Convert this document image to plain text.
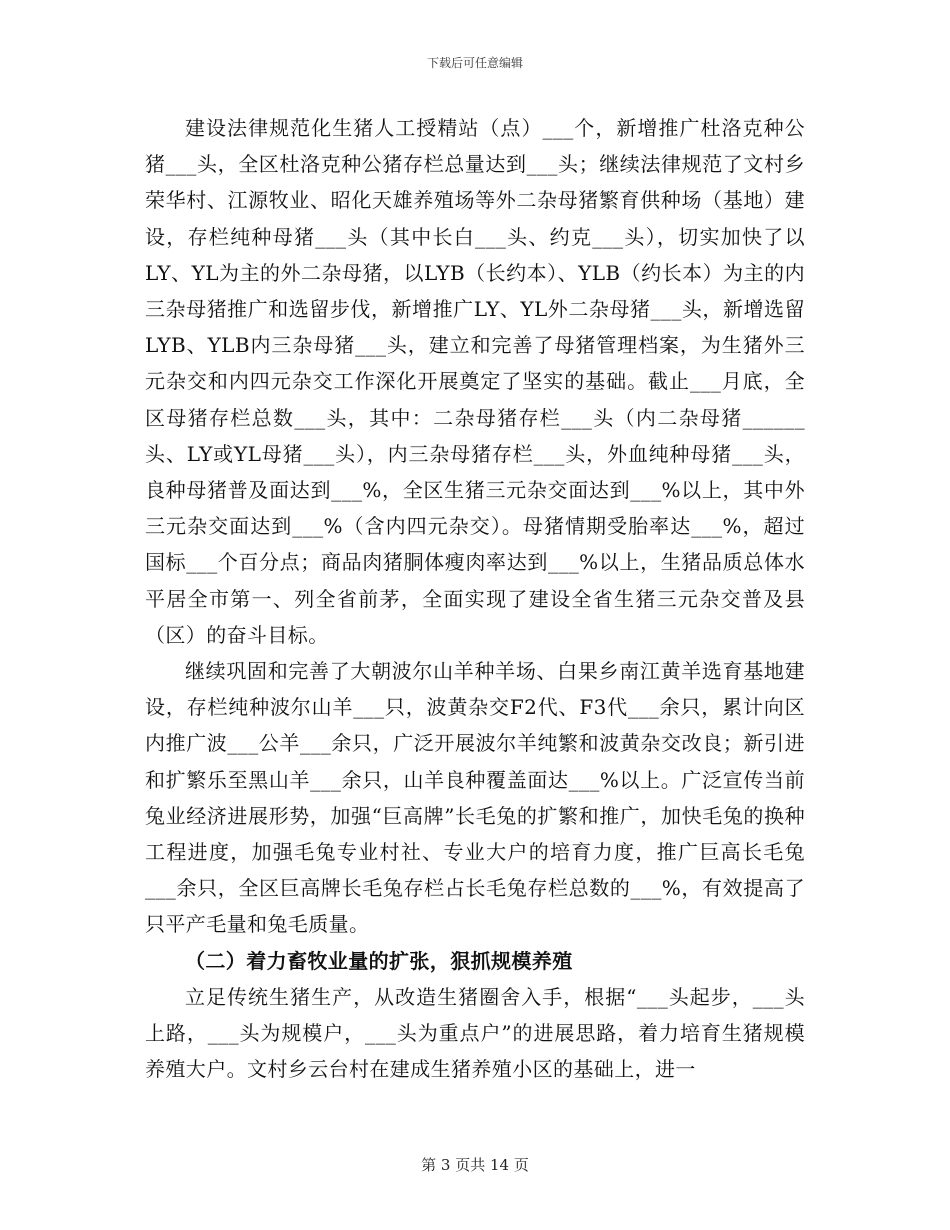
下载后可任意编辑

建设法律规范化生猪人工授精站（点）___个，新增推广杜洛克种公猪___头，全区杜洛克种公猪存栏总量达到___头；继续法律规范了文村乡荣华村、江源牧业、昭化天雄养殖场等外二杂母猪繁育供种场（基地）建设，存栏纯种母猪___头（其中长白___头、约克___头），切实加快了以LY、YL为主的外二杂母猪，以LYB（长约本）、YLB（约长本）为主的内三杂母猪推广和选留步伐，新增推广LY、YL外二杂母猪___头，新增选留LYB、YLB内三杂母猪___头，建立和完善了母猪管理档案，为生猪外三元杂交和内四元杂交工作深化开展奠定了坚实的基础。截止___月底，全区母猪存栏总数___头，其中：二杂母猪存栏___头（内二杂母猪______头、LY或YL母猪___头），内三杂母猪存栏___头，外血纯种母猪___头，良种母猪普及面达到___%，全区生猪三元杂交面达到___%以上，其中外三元杂交面达到___%（含内四元杂交）。母猪情期受胎率达___%，超过国标___个百分点；商品肉猪胴体瘦肉率达到___%以上，生猪品质总体水平居全市第一、列全省前茅，全面实现了建设全省生猪三元杂交普及县（区）的奋斗目标。

继续巩固和完善了大朝波尔山羊种羊场、白果乡南江黄羊选育基地建设，存栏纯种波尔山羊___只，波黄杂交F2代、F3代___余只，累计向区内推广波___公羊___余只，广泛开展波尔羊纯繁和波黄杂交改良；新引进和扩繁乐至黑山羊___余只，山羊良种覆盖面达___%以上。广泛宣传当前兔业经济进展形势，加强“巨高牌”长毛兔的扩繁和推广，加快毛兔的换种工程进度，加强毛兔专业村社、专业大户的培育力度，推广巨高长毛兔___余只，全区巨高牌长毛兔存栏占长毛兔存栏总数的___%，有效提高了只平产毛量和兔毛质量。

（二）着力畜牧业量的扩张，狠抓规模养殖

立足传统生猪生产，从改造生猪圈舍入手，根据“___头起步，___头上路，___头为规模户，___头为重点户”的进展思路，着力培育生猪规模养殖大户。文村乡云台村在建成生猪养殖小区的基础上，进一

第 3 页共 14 页
